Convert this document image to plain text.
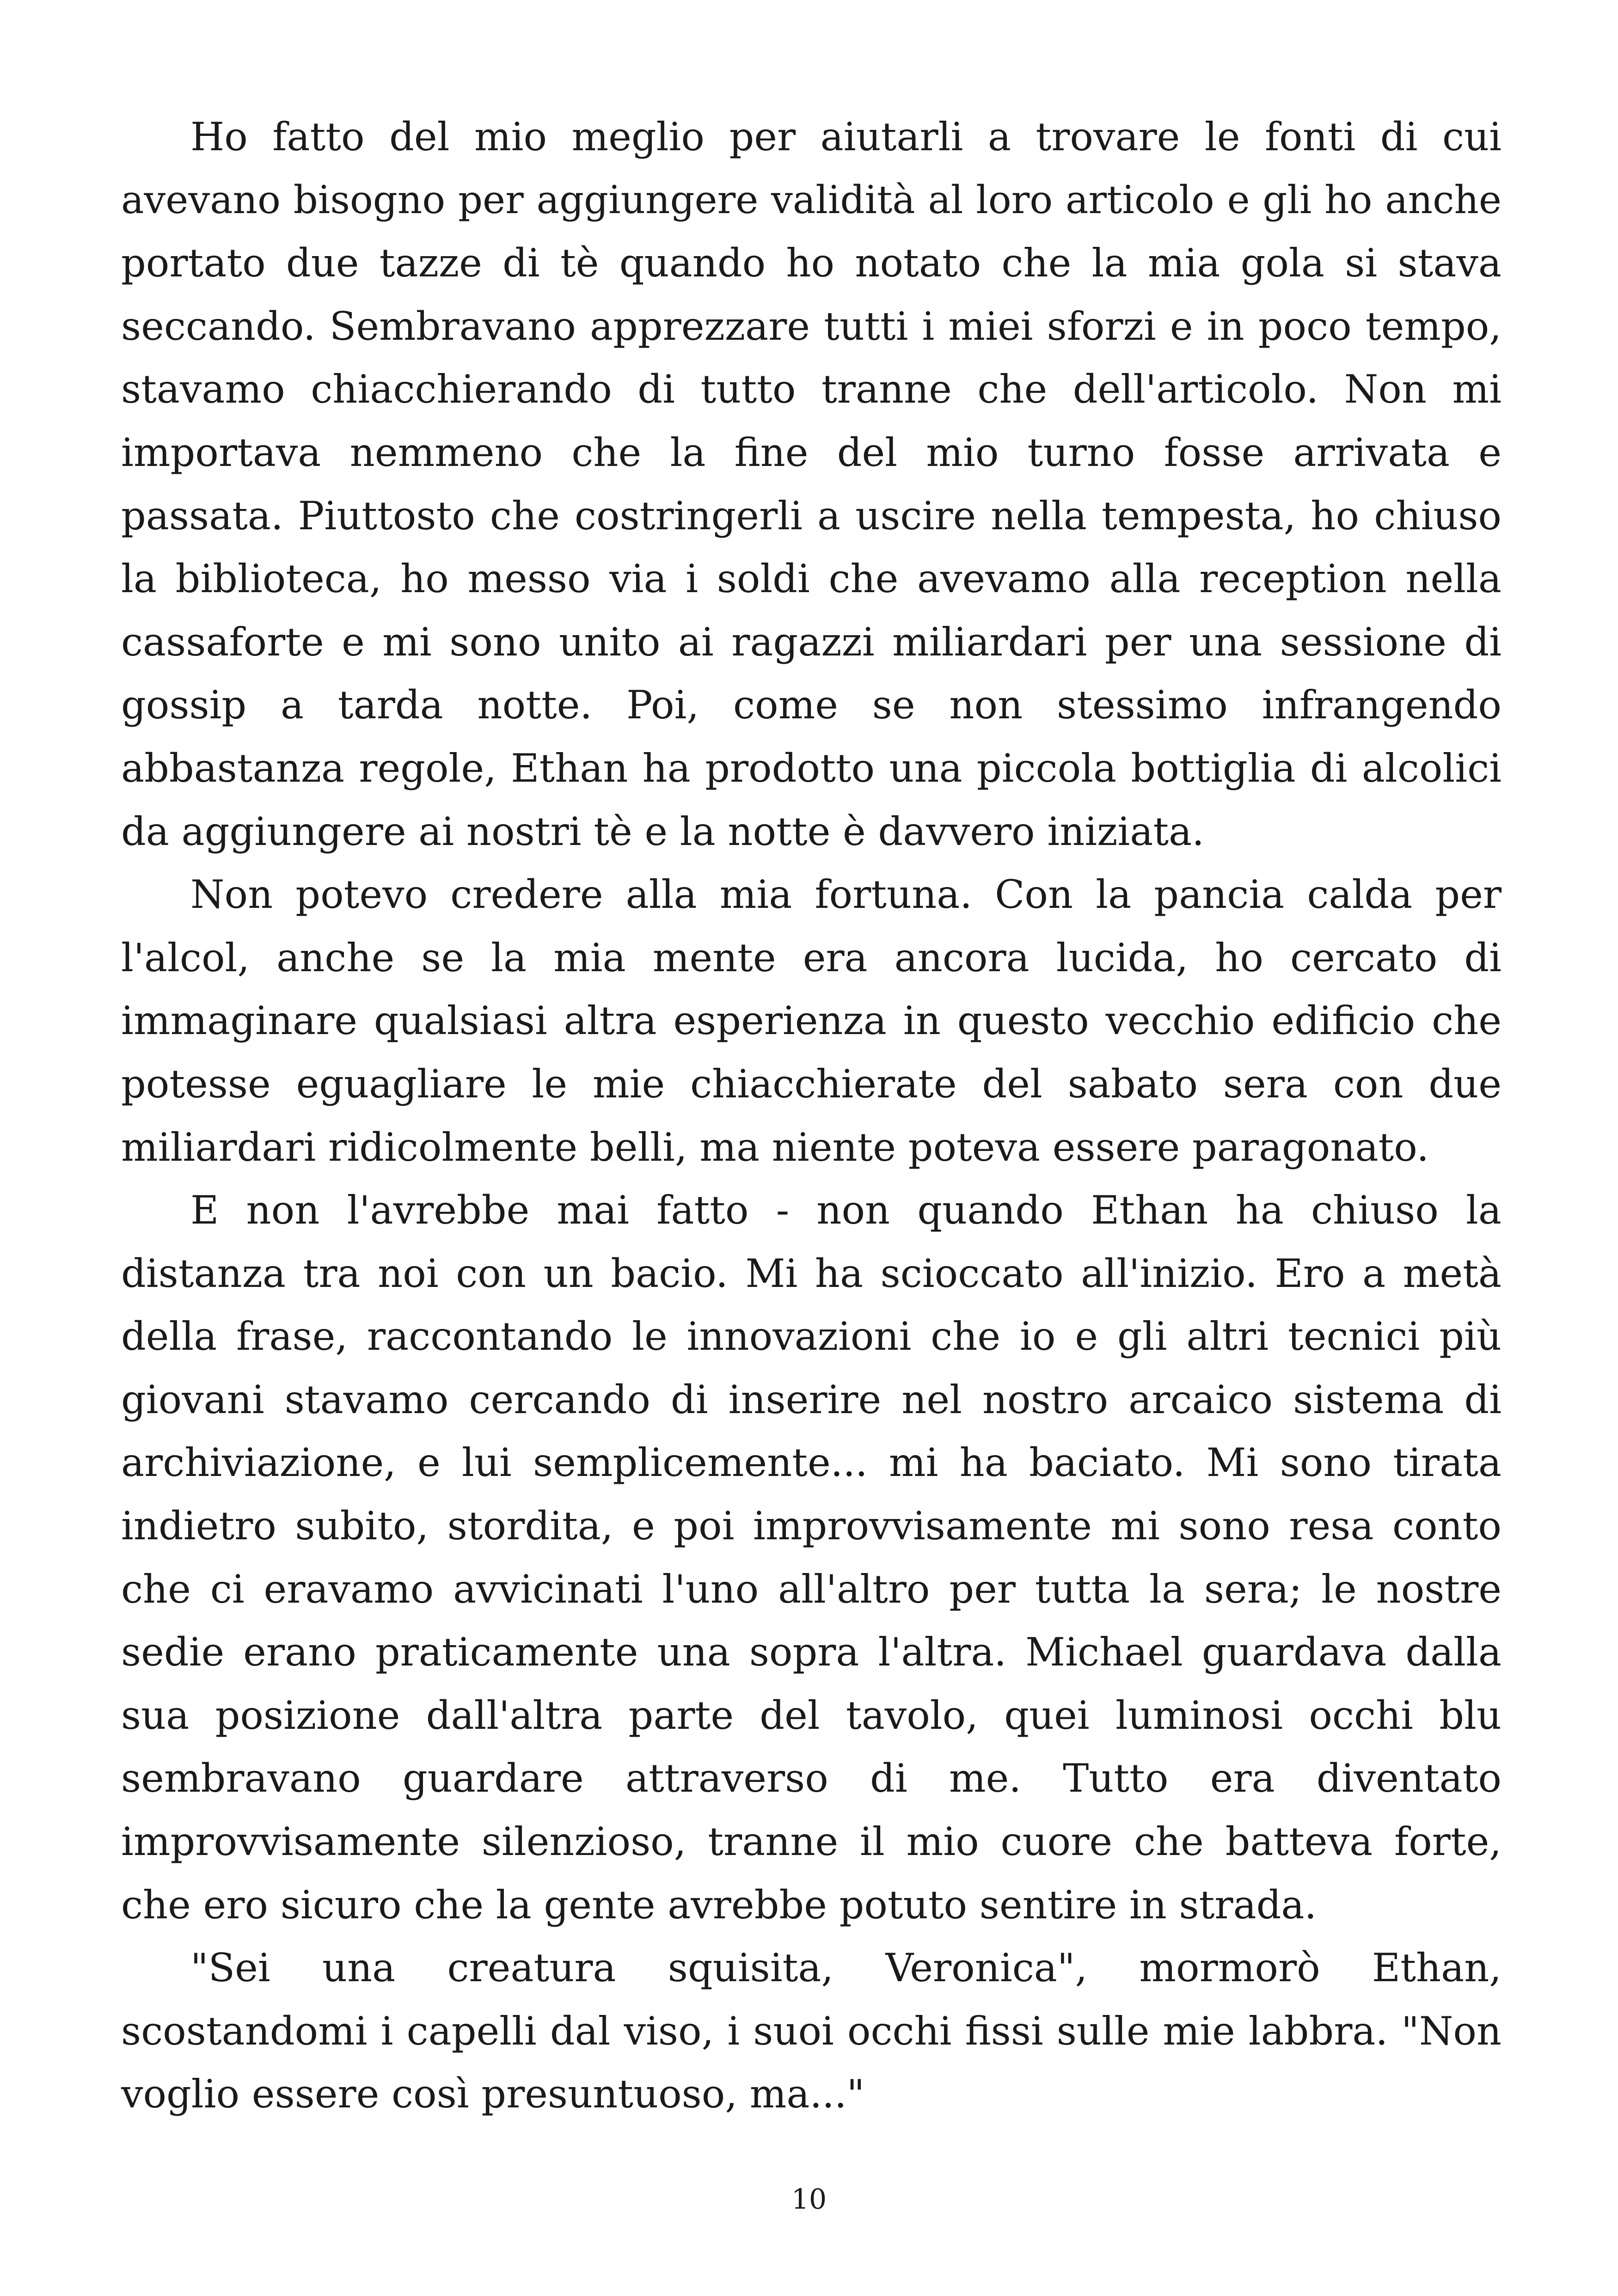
Ho fatto del mio meglio per aiutarli a trovare le fonti di cui
avevano bisogno per aggiungere validità al loro articolo e gli ho anche
portato due tazze di tè quando ho notato che la mia gola si stava
seccando. Sembravano apprezzare tutti i miei sforzi e in poco tempo,
stavamo chiacchierando di tutto tranne che dell'articolo. Non mi
importava nemmeno che la fine del mio turno fosse arrivata e
passata. Piuttosto che costringerli a uscire nella tempesta, ho chiuso
la biblioteca, ho messo via i soldi che avevamo alla reception nella
cassaforte e mi sono unito ai ragazzi miliardari per una sessione di
gossip a tarda notte. Poi, come se non stessimo infrangendo
abbastanza regole, Ethan ha prodotto una piccola bottiglia di alcolici
da aggiungere ai nostri tè e la notte è davvero iniziata.

Non potevo credere alla mia fortuna. Con la pancia calda per
l'alcol, anche se la mia mente era ancora lucida, ho cercato di
immaginare qualsiasi altra esperienza in questo vecchio edificio che
potesse eguagliare le mie chiacchierate del sabato sera con due
miliardari ridicolmente belli, ma niente poteva essere paragonato.

E non l'avrebbe mai fatto - non quando Ethan ha chiuso la
distanza tra noi con un bacio. Mi ha scioccato all'inizio. Ero a metà
della frase, raccontando le innovazioni che io e gli altri tecnici più
giovani stavamo cercando di inserire nel nostro arcaico sistema di
archiviazione, e lui semplicemente... mi ha baciato. Mi sono tirata
indietro subito, stordita, e poi improvvisamente mi sono resa conto
che ci eravamo avvicinati l'uno all'altro per tutta la sera; le nostre
sedie erano praticamente una sopra l'altra. Michael guardava dalla
sua posizione dall'altra parte del tavolo, quei luminosi occhi blu
sembravano guardare attraverso di me. Tutto era diventato
improvvisamente silenzioso, tranne il mio cuore che batteva forte,
che ero sicuro che la gente avrebbe potuto sentire in strada.

"Sei una creatura squisita, Veronica", mormorò Ethan,
scostandomi i capelli dal viso, i suoi occhi fissi sulle mie labbra. "Non
voglio essere così presuntuoso, ma..."

10
